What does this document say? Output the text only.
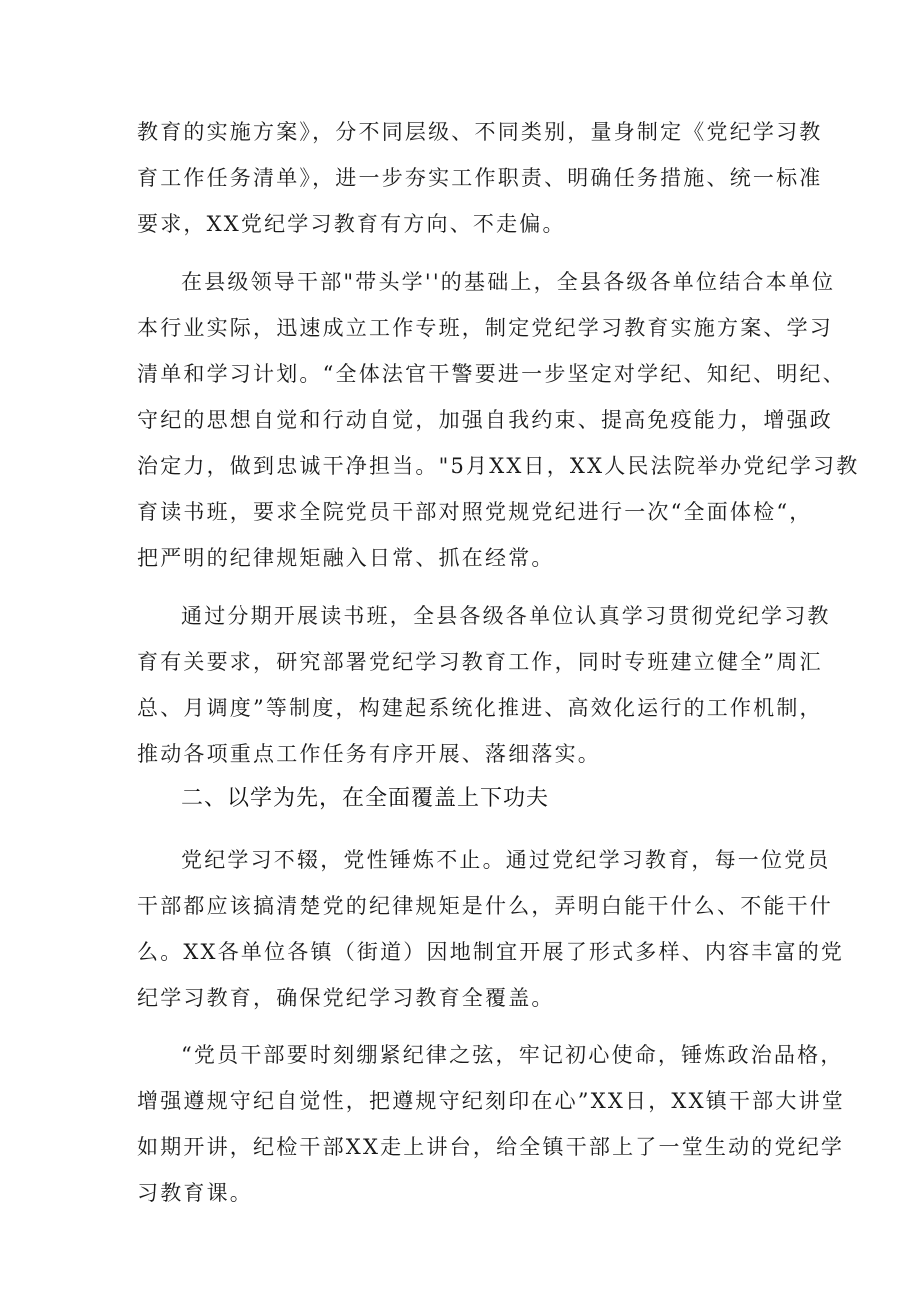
教育的实施方案》，分不同层级、不同类别，量身制定《党纪学习教
育工作任务清单》，进一步夯实工作职责、明确任务措施、统一标准
要求，XX党纪学习教育有方向、不走偏。
在县级领导干部"带头学''的基础上，全县各级各单位结合本单位
本行业实际，迅速成立工作专班，制定党纪学习教育实施方案、学习
清单和学习计划。“全体法官干警要进一步坚定对学纪、知纪、明纪、
守纪的思想自觉和行动自觉，加强自我约束、提高免疫能力，增强政
治定力，做到忠诚干净担当。"5月XX日，XX人民法院举办党纪学习教
育读书班，要求全院党员干部对照党规党纪进行一次“全面体检“，
把严明的纪律规矩融入日常、抓在经常。
通过分期开展读书班，全县各级各单位认真学习贯彻党纪学习教
育有关要求，研究部署党纪学习教育工作，同时专班建立健全”周汇
总、月调度”等制度，构建起系统化推进、高效化运行的工作机制，
推动各项重点工作任务有序开展、落细落实。
二、以学为先，在全面覆盖上下功夫
党纪学习不辍，党性锤炼不止。通过党纪学习教育，每一位党员
干部都应该搞清楚党的纪律规矩是什么，弄明白能干什么、不能干什
么。XX各单位各镇（街道）因地制宜开展了形式多样、内容丰富的党
纪学习教育，确保党纪学习教育全覆盖。
“党员干部要时刻绷紧纪律之弦，牢记初心使命，锤炼政治品格，
增强遵规守纪自觉性，把遵规守纪刻印在心”XX日，XX镇干部大讲堂
如期开讲，纪检干部XX走上讲台，给全镇干部上了一堂生动的党纪学
习教育课。
